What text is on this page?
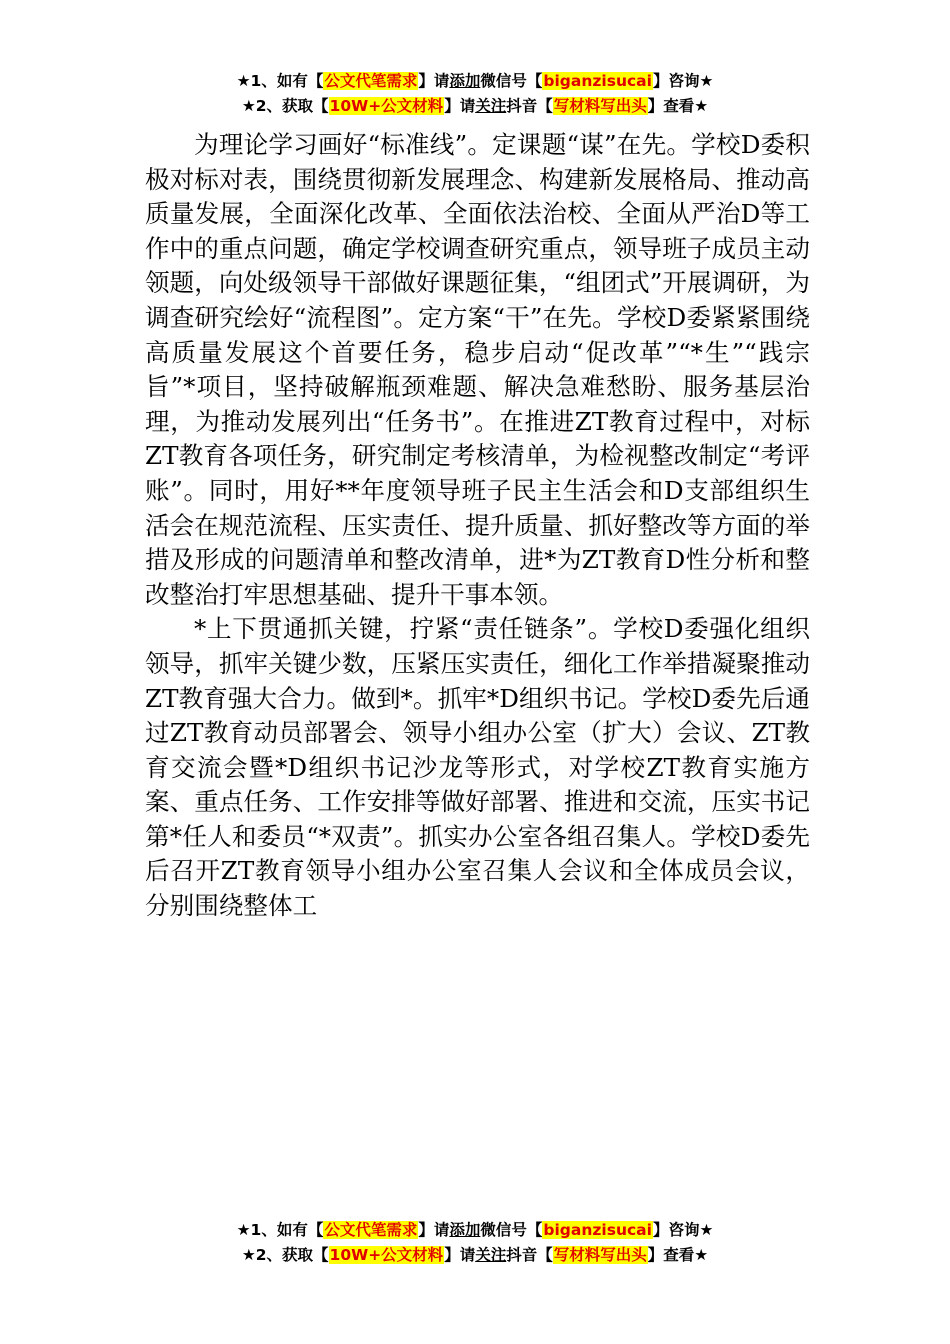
★1、如有【公文代笔需求】请添加微信号【biganzisucai】咨询★
★2、获取【10W+公文材料】请关注抖音【写材料写出头】查看★

为理论学习画好“标准线”。定课题“谋”在先。学校D委积极对标对表，围绕贯彻新发展理念、构建新发展格局、推动高质量发展，全面深化改革、全面依法治校、全面从严治D等工作中的重点问题，确定学校调查研究重点，领导班子成员主动领题，向处级领导干部做好课题征集，“组团式”开展调研，为调查研究绘好“流程图”。定方案“干”在先。学校D委紧紧围绕高质量发展这个首要任务，稳步启动“促改革”“*生”“践宗旨”*项目，坚持破解瓶颈难题、解决急难愁盼、服务基层治理，为推动发展列出“任务书”。在推进ZT教育过程中，对标ZT教育各项任务，研究制定考核清单，为检视整改制定“考评账”。同时，用好**年度领导班子民主生活会和D支部组织生活会在规范流程、压实责任、提升质量、抓好整改等方面的举措及形成的问题清单和整改清单，进*为ZT教育D性分析和整改整治打牢思想基础、提升干事本领。

*上下贯通抓关键，拧紧“责任链条”。学校D委强化组织领导，抓牢关键少数，压紧压实责任，细化工作举措凝聚推动ZT教育强大合力。做到*。抓牢*D组织书记。学校D委先后通过ZT教育动员部署会、领导小组办公室（扩大）会议、ZT教育交流会暨*D组织书记沙龙等形式，对学校ZT教育实施方案、重点任务、工作安排等做好部署、推进和交流，压实书记第*任人和委员“*双责”。抓实办公室各组召集人。学校D委先后召开ZT教育领导小组办公室召集人会议和全体成员会议，分别围绕整体工

★1、如有【公文代笔需求】请添加微信号【biganzisucai】咨询★
★2、获取【10W+公文材料】请关注抖音【写材料写出头】查看★
